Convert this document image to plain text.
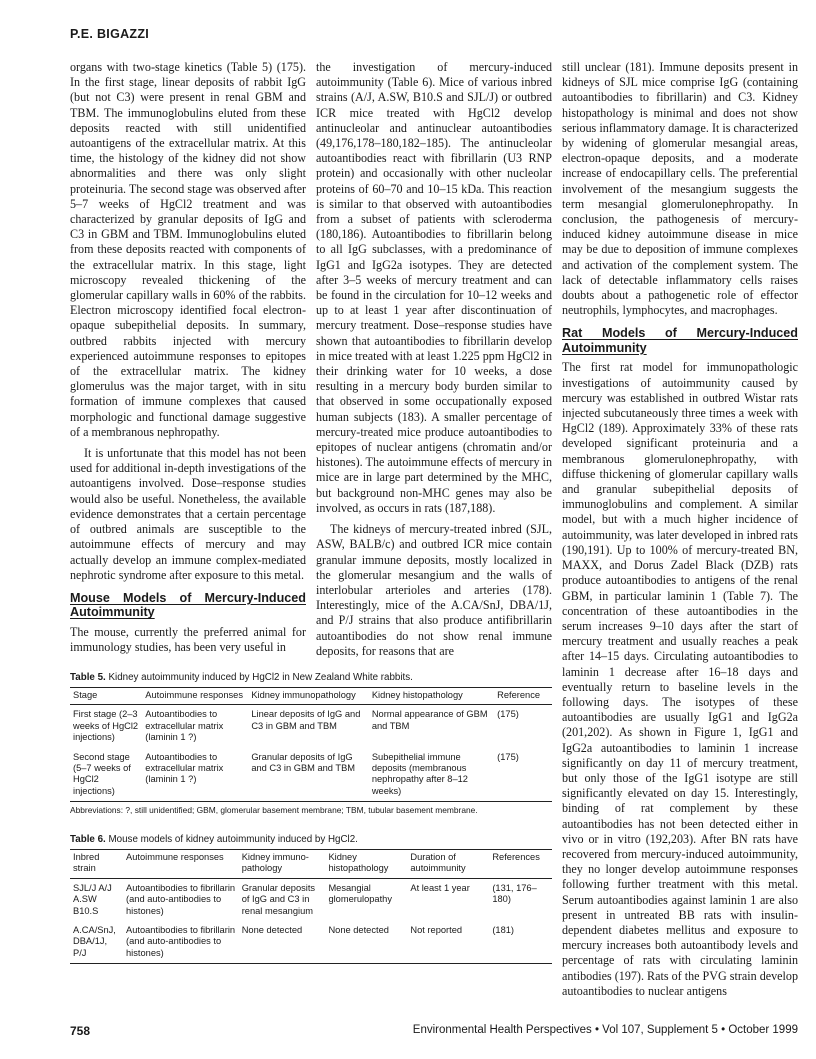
P.E. BIGAZZI

organs with two-stage kinetics (Table 5) (175). In the first stage, linear deposits of rabbit IgG (but not C3) were present in renal GBM and TBM. The immunoglobulins eluted from these deposits reacted with still unidentified autoantigens of the extracellular matrix. At this time, the histology of the kidney did not show abnormalities and there was only slight proteinuria. The second stage was observed after 5–7 weeks of HgCl2 treatment and was characterized by granular deposits of IgG and C3 in GBM and TBM. Immunoglobulins eluted from these deposits reacted with components of the extracellular matrix. In this stage, light microscopy revealed thickening of the glomerular capillary walls in 60% of the rabbits. Electron microscopy identified focal electron-opaque subepithelial deposits. In summary, outbred rabbits injected with mercury experienced autoimmune responses to epitopes of the extracellular matrix. The kidney glomerulus was the major target, with in situ formation of immune complexes that caused morphologic and functional damage suggestive of a membranous nephropathy.

It is unfortunate that this model has not been used for additional in-depth investigations of the autoantigens involved. Dose–response studies would also be useful. Nonetheless, the available evidence demonstrates that a certain percentage of outbred animals are susceptible to the autoimmune effects of mercury and may actually develop an immune complex-mediated nephrotic syndrome after exposure to this metal.

Mouse Models of Mercury-Induced Autoimmunity

The mouse, currently the preferred animal for immunology studies, has been very useful in

the investigation of mercury-induced autoimmunity (Table 6). Mice of various inbred strains (A/J, A.SW, B10.S and SJL/J) or outbred ICR mice treated with HgCl2 develop antinucleolar and antinuclear autoantibodies (49,176,178–180,182–185). The antinucleolar autoantibodies react with fibrillarin (U3 RNP protein) and occasionally with other nucleolar proteins of 60–70 and 10–15 kDa. This reaction is similar to that observed with autoantibodies from a subset of patients with scleroderma (180,186). Autoantibodies to fibrillarin belong to all IgG subclasses, with a predominance of IgG1 and IgG2a isotypes. They are detected after 3–5 weeks of mercury treatment and can be found in the circulation for 10–12 weeks and up to at least 1 year after discontinuation of mercury treatment. Dose–response studies have shown that autoantibodies to fibrillarin develop in mice treated with at least 1.225 ppm HgCl2 in their drinking water for 10 weeks, a dose resulting in a mercury body burden similar to that observed in some occupationally exposed human subjects (183). A smaller percentage of mercury-treated mice produce autoantibodies to epitopes of nuclear antigens (chromatin and/or histones). The autoimmune effects of mercury in mice are in large part determined by the MHC, but background non-MHC genes may also be involved, as occurs in rats (187,188).

The kidneys of mercury-treated inbred (SJL, ASW, BALB/c) and outbred ICR mice contain granular immune deposits, mostly localized in the glomerular mesangium and the walls of interlobular arterioles and arteries (178). Interestingly, mice of the A.CA/SnJ, DBA/1J, and P/J strains that also produce antifibrillarin autoantibodies do not show renal immune deposits, for reasons that are

still unclear (181). Immune deposits present in kidneys of SJL mice comprise IgG (containing autoantibodies to fibrillarin) and C3. Kidney histopathology is minimal and does not show serious inflammatory damage. It is characterized by widening of glomerular mesangial areas, electron-opaque deposits, and a moderate increase of endocapillary cells. The preferential involvement of the mesangium suggests the term mesangial glomerulonephropathy. In conclusion, the pathogenesis of mercury-induced kidney autoimmune disease in mice may be due to deposition of immune complexes and activation of the complement system. The lack of detectable inflammatory cells raises doubts about a pathogenetic role of effector neutrophils, lymphocytes, and macrophages.

Rat Models of Mercury-Induced Autoimmunity

The first rat model for immunopathologic investigations of autoimmunity caused by mercury was established in outbred Wistar rats injected subcutaneously three times a week with HgCl2 (189). Approximately 33% of these rats developed significant proteinuria and a membranous glomerulonephropathy, with diffuse thickening of glomerular capillary walls and granular subepithelial deposits of immunoglobulins and complement. A similar model, but with a much higher incidence of autoimmunity, was later developed in inbred rats (190,191). Up to 100% of mercury-treated BN, MAXX, and Dorus Zadel Black (DZB) rats produce autoantibodies to antigens of the renal GBM, in particular laminin 1 (Table 7). The concentration of these autoantibodies in the serum increases 9–10 days after the start of mercury treatment and usually reaches a peak after 14–15 days. Circulating autoantibodies to laminin 1 decrease after 16–18 days and eventually return to baseline levels in the following days. The isotypes of these autoantibodies are usually IgG1 and IgG2a (201,202). As shown in Figure 1, IgG1 and IgG2a autoantibodies to laminin 1 increase significantly on day 11 of mercury treatment, but only those of the IgG1 isotype are still significantly elevated on day 15. Interestingly, binding of rat complement by these autoantibodies has not been detected either in vivo or in vitro (192,203). After BN rats have recovered from mercury-induced autoimmunity, they no longer develop autoimmune responses following further treatment with this metal. Serum autoantibodies against laminin 1 are also present in untreated BB rats with insulin-dependent diabetes mellitus and exposure to mercury increases both autoantibody levels and percentage of rats with circulating laminin antibodies (197). Rats of the PVG strain develop autoantibodies to nuclear antigens

Table 5. Kidney autoimmunity induced by HgCl2 in New Zealand White rabbits.
Stage	Autoimmune responses	Kidney immunopathology	Kidney histopathology	Reference
First stage (2–3 weeks of HgCl2 injections)	Autoantibodies to extracellular matrix (laminin 1 ?)	Linear deposits of IgG and C3 in GBM and TBM	Normal appearance of GBM and TBM	(175)
Second stage (5–7 weeks of HgCl2 injections)	Autoantibodies to extracellular matrix (laminin 1 ?)	Granular deposits of IgG and C3 in GBM and TBM	Subepithelial immune deposits (membranous nephropathy after 8–12 weeks)	(175)
Abbreviations: ?, still unidentified; GBM, glomerular basement membrane; TBM, tubular basement membrane.
Table 6. Mouse models of kidney autoimmunity induced by HgCl2.
Inbred strain	Autoimmune responses	Kidney immuno-pathology	Kidney histopathology	Duration of autoimmunity	References
SJL/J A/J A.SW B10.S	Autoantibodies to fibrillarin (and auto-antibodies to histones)	Granular deposits of IgG and C3 in renal mesangium	Mesangial glomerulopathy	At least 1 year	(131, 176–180)
A.CA/SnJ, DBA/1J, P/J	Autoantibodies to fibrillarin (and auto-antibodies to histones)	None detected	None detected	Not reported	(181)
758	Environmental Health Perspectives • Vol 107, Supplement 5 • October 1999
